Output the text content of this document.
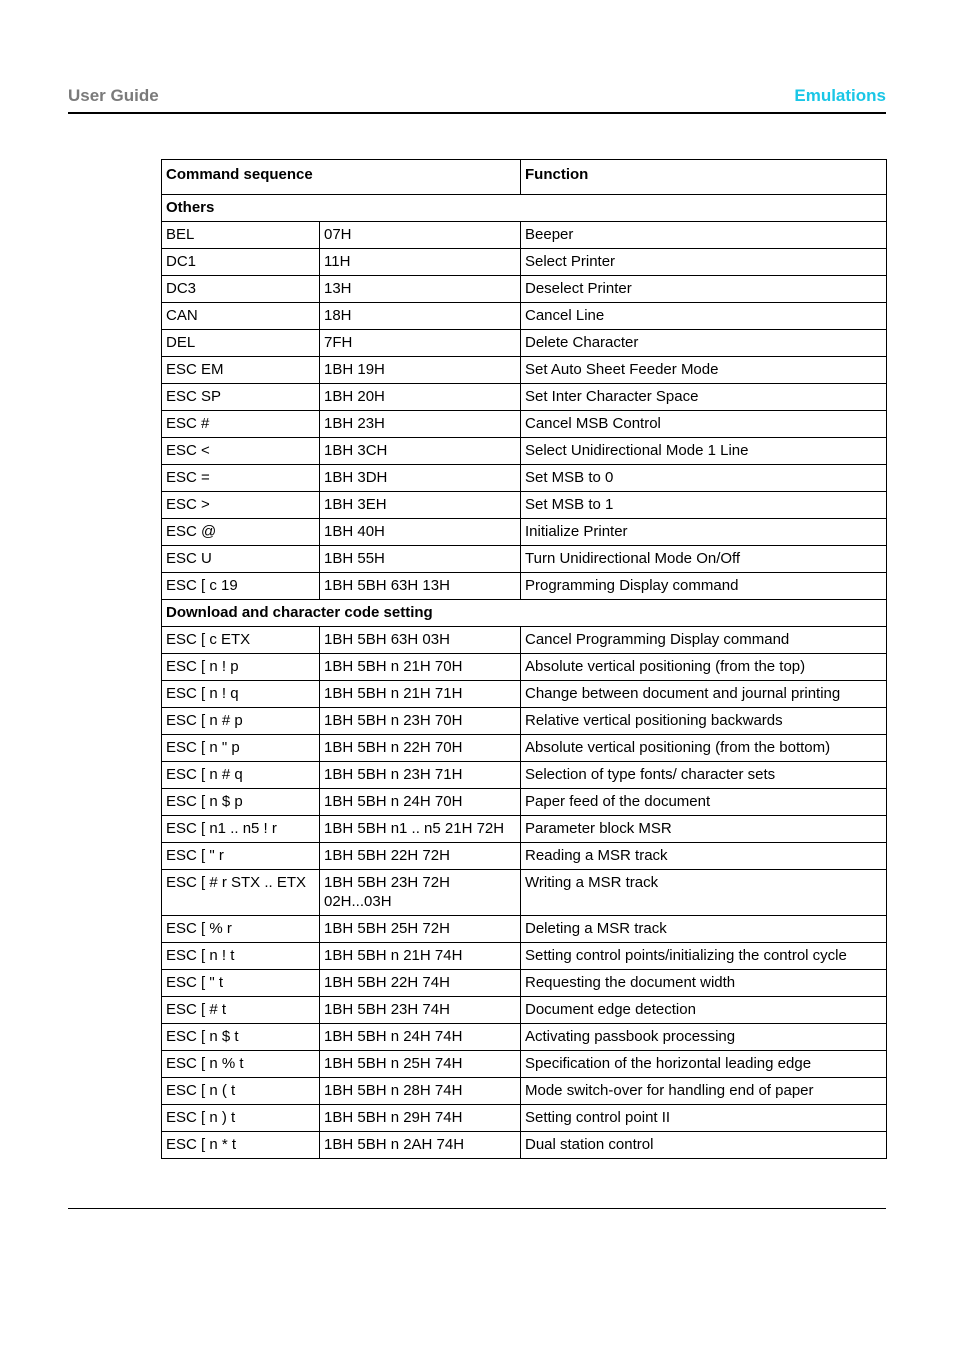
User Guide	Emulations
Command sequence		Function
Others		
BEL	07H	Beeper
DC1	11H	Select Printer
DC3	13H	Deselect Printer
CAN	18H	Cancel Line
DEL	7FH	Delete Character
ESC EM	1BH 19H	Set Auto Sheet Feeder Mode
ESC SP	1BH 20H	Set Inter Character Space
ESC #	1BH 23H	Cancel MSB Control
ESC <	1BH 3CH	Select Unidirectional Mode 1 Line
ESC =	1BH 3DH	Set MSB to 0
ESC >	1BH 3EH	Set MSB to 1
ESC @	1BH 40H	Initialize Printer
ESC U	1BH 55H	Turn Unidirectional Mode On/Off
ESC [ c 19	1BH 5BH 63H 13H	Programming Display command
Download and character code setting		
ESC [ c ETX	1BH 5BH 63H 03H	Cancel Programming Display command
ESC [ n ! p	1BH 5BH n 21H 70H	Absolute vertical positioning (from the top)
ESC [ n ! q	1BH 5BH n 21H 71H	Change between document and journal printing
ESC [ n # p	1BH 5BH n 23H 70H	Relative vertical positioning backwards
ESC [ n " p	1BH 5BH n 22H 70H	Absolute vertical positioning (from the bottom)
ESC [ n # q	1BH 5BH n 23H 71H	Selection of type fonts/ character sets
ESC [ n $ p	1BH 5BH n 24H 70H	Paper feed of the document
ESC [ n1 .. n5 ! r	1BH 5BH n1 .. n5 21H 72H	Parameter block MSR
ESC [ " r	1BH 5BH 22H 72H	Reading a MSR track
ESC [ # r STX .. ETX	1BH 5BH 23H 72H 02H...03H	Writing a MSR track
ESC [ % r	1BH 5BH 25H 72H	Deleting a MSR track
ESC [ n ! t	1BH 5BH n 21H 74H	Setting control points/initializing the control cycle
ESC [ " t	1BH 5BH 22H 74H	Requesting the document width
ESC [ # t	1BH 5BH 23H 74H	Document edge detection
ESC [ n $ t	1BH 5BH n 24H 74H	Activating passbook processing
ESC [ n % t	1BH 5BH n 25H 74H	Specification of the horizontal leading edge
ESC [ n ( t	1BH 5BH n 28H 74H	Mode switch-over for handling end of paper
ESC [ n ) t	1BH 5BH n 29H 74H	Setting control point II
ESC [ n * t	1BH 5BH n 2AH 74H	Dual station control
